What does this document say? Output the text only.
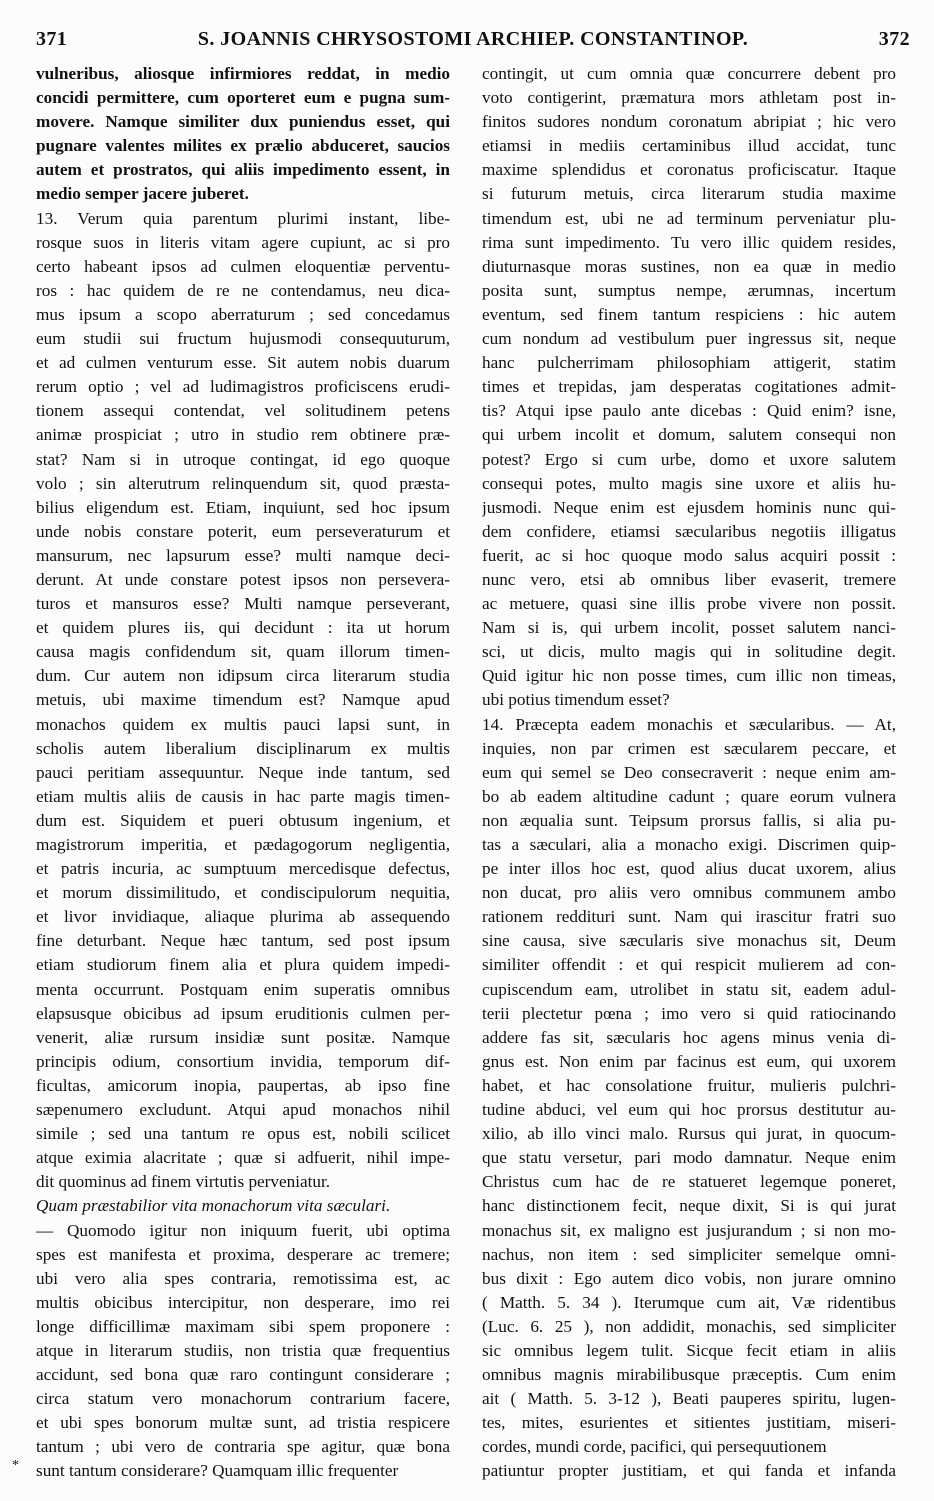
371	S. JOANNIS CHRYSOSTOMI ARCHIEP. CONSTANTINOP.	372
vulneribus, aliosque infirmiores reddat, in medio
concidi permittere, cum oporteret eum e pugna sum-
movere. Namque similiter dux puniendus esset, qui
pugnare valentes milites ex prælio abduceret, saucios
autem et prostratos, qui aliis impedimento essent, in
medio semper jacere juberet.
13. Verum quia parentum plurimi instant, libe-
rosque suos in literis vitam agere cupiunt, ac si pro
certo habeant ipsos ad culmen eloquentiæ perventu-
ros : hac quidem de re ne contendamus, neu dica-
mus ipsum a scopo aberraturum ; sed concedamus
eum studii sui fructum hujusmodi consequuturum,
et ad culmen venturum esse. Sit autem nobis duarum
rerum optio ; vel ad ludimagistros proficiscens erudi-
tionem assequi contendat, vel solitudinem petens
animæ prospiciat ; utro in studio rem obtinere præ-
stat? Nam si in utroque contingat, id ego quoque
volo ; sin alterutrum relinquendum sit, quod præsta-
bilius eligendum est. Etiam, inquiunt, sed hoc ipsum
unde nobis constare poterit, eum perseveraturum et
mansurum, nec lapsurum esse? multi namque deci-
derunt. At unde constare potest ipsos non persevera-
turos et mansuros esse? Multi namque perseverant,
et quidem plures iis, qui decidunt : ita ut horum
causa magis confidendum sit, quam illorum timen-
dum. Cur autem non idipsum circa literarum studia
metuis, ubi maxime timendum est? Namque apud
monachos quidem ex multis pauci lapsi sunt, in
scholis autem liberalium disciplinarum ex multis
pauci peritiam assequuntur. Neque inde tantum, sed
etiam multis aliis de causis in hac parte magis timen-
dum est. Siquidem et pueri obtusum ingenium, et
magistrorum imperitia, et pædagogorum negligentia,
et patris incuria, ac sumptuum mercedisque defectus,
et morum dissimilitudo, et condiscipulorum nequitia,
et livor invidiaque, aliaque plurima ab assequendo
fine deturbant. Neque hæc tantum, sed post ipsum
etiam studiorum finem alia et plura quidem impedi-
menta occurrunt. Postquam enim superatis omnibus
elapsusque obicibus ad ipsum eruditionis culmen per-
venerit, aliæ rursum insidiæ sunt positæ. Namque
principis odium, consortium invidia, temporum dif-
ficultas, amicorum inopia, paupertas, ab ipso fine
sæpenumero excludunt. Atqui apud monachos nihil
simile ; sed una tantum re opus est, nobili scilicet
atque eximia alacritate ; quæ si adfuerit, nihil impe-
dit quominus ad finem virtutis perveniatur.
Quam præstabilior vita monachorum vita sæculari.
— Quomodo igitur non iniquum fuerit, ubi optima
spes est manifesta et proxima, desperare ac tremere;
ubi vero alia spes contraria, remotissima est, ac
multis obicibus intercipitur, non desperare, imo rei
longe difficillimæ maximam sibi spem proponere :
atque in literarum studiis, non tristia quæ frequentius
accidunt, sed bona quæ raro contingunt considerare ;
circa statum vero monachorum contrarium facere,
et ubi spes bonorum multæ sunt, ad tristia respicere
tantum ; ubi vero de contraria spe agitur, quæ bona
sunt tantum considerare? Quamquam illic frequenter
contingit, ut cum omnia quæ concurrere debent pro
voto contigerint, præmatura mors athletam post in-
finitos sudores nondum coronatum abripiat ; hic vero
etiamsi in mediis certaminibus illud accidat, tunc
maxime splendidus et coronatus proficiscatur. Itaque
si futurum metuis, circa literarum studia maxime
timendum est, ubi ne ad terminum perveniatur plu-
rima sunt impedimento. Tu vero illic quidem resides,
diuturnasque moras sustines, non ea quæ in medio
posita sunt, sumptus nempe, ærumnas, incertum
eventum, sed finem tantum respiciens : hic autem
cum nondum ad vestibulum puer ingressus sit, neque
hanc pulcherrimam philosophiam attigerit, statim
times et trepidas, jam desperatas cogitationes admit-
tis? Atqui ipse paulo ante dicebas : Quid enim? isne,
qui urbem incolit et domum, salutem consequi non
potest? Ergo si cum urbe, domo et uxore salutem
consequi potes, multo magis sine uxore et aliis hu-
jusmodi. Neque enim est ejusdem hominis nunc qui-
dem confidere, etiamsi sæcularibus negotiis illigatus
fuerit, ac si hoc quoque modo salus acquiri possit :
nunc vero, etsi ab omnibus liber evaserit, tremere
ac metuere, quasi sine illis probe vivere non possit.
Nam si is, qui urbem incolit, posset salutem nanci-
sci, ut dicis, multo magis qui in solitudine degit.
Quid igitur hic non posse times, cum illic non timeas,
ubi potius timendum esset?
14. Præcepta eadem monachis et sæcularibus. — At,
inquies, non par crimen est sæcularem peccare, et
eum qui semel se Deo consecraverit : neque enim am-
bo ab eadem altitudine cadunt ; quare eorum vulnera
non æqualia sunt. Teipsum prorsus fallis, si alia pu-
tas a sæculari, alia a monacho exigi. Discrimen quip-
pe inter illos hoc est, quod alius ducat uxorem, alius
non ducat, pro aliis vero omnibus communem ambo
rationem reddituri sunt. Nam qui irascitur fratri suo
sine causa, sive sæcularis sive monachus sit, Deum
similiter offendit : et qui respicit mulierem ad con-
cupiscendum eam, utrolibet in statu sit, eadem adul-
terii plectetur pœna ; imo vero si quid ratiocinando
addere fas sit, sæcularis hoc agens minus venia di-
gnus est. Non enim par facinus est eum, qui uxorem
habet, et hac consolatione fruitur, mulieris pulchri-
tudine abduci, vel eum qui hoc prorsus destitutur au-
xilio, ab illo vinci malo. Rursus qui jurat, in quocum-
que statu versetur, pari modo damnatur. Neque enim
Christus cum hac de re statueret legemque poneret,
hanc distinctionem fecit, neque dixit, Si is qui jurat
monachus sit, ex maligno est jusjurandum ; si non mo-
nachus, non item : sed simpliciter semelque omni-
bus dixit : Ego autem dico vobis, non jurare omnino
( Matth. 5. 34 ). Iterumque cum ait, Væ ridentibus
(Luc. 6. 25 ), non addidit, monachis, sed simpliciter
sic omnibus legem tulit. Sicque fecit etiam in aliis
omnibus magnis mirabilibusque præceptis. Cum enim
ait ( Matth. 5. 3-12 ), Beati pauperes spiritu, lugen-
tes, mites, esurientes et sitientes justitiam, miseri-
cordes, mundi corde, pacifici, qui persequutionem
patiuntur propter justitiam, et qui fanda et infanda
*
